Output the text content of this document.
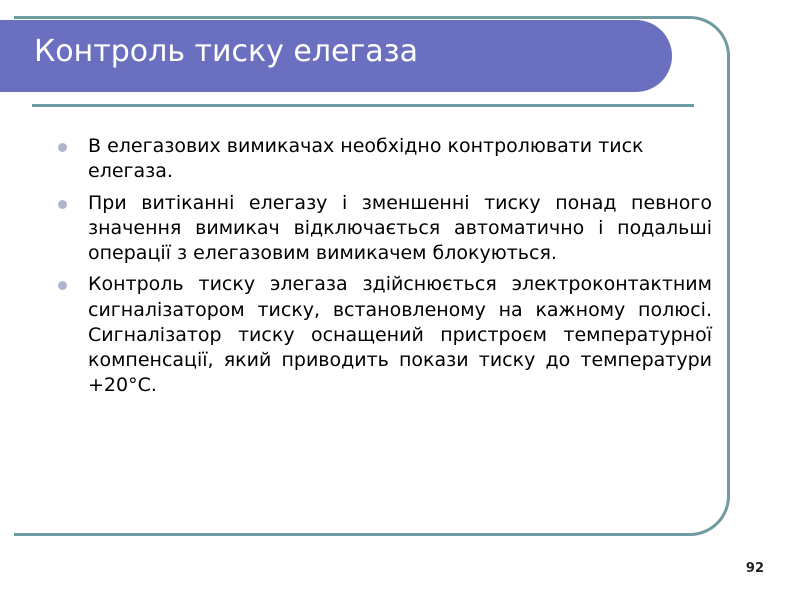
Контроль тиску елегаза
В елегазових вимикачах необхідно контролювати тиск елегаза.
При витіканні елегазу і зменшенні тиску понад певного значення вимикач відключається автоматично і подальші операції з елегазовим вимикачем блокуються.
Контроль тиску элегаза здійснюється электроконтактним сигналізатором тиску, встановленому на кажному полюсі. Сигналізатор тиску оснащений пристроєм температурної компенсації, який приводить покази тиску до температури +20°С.
92
